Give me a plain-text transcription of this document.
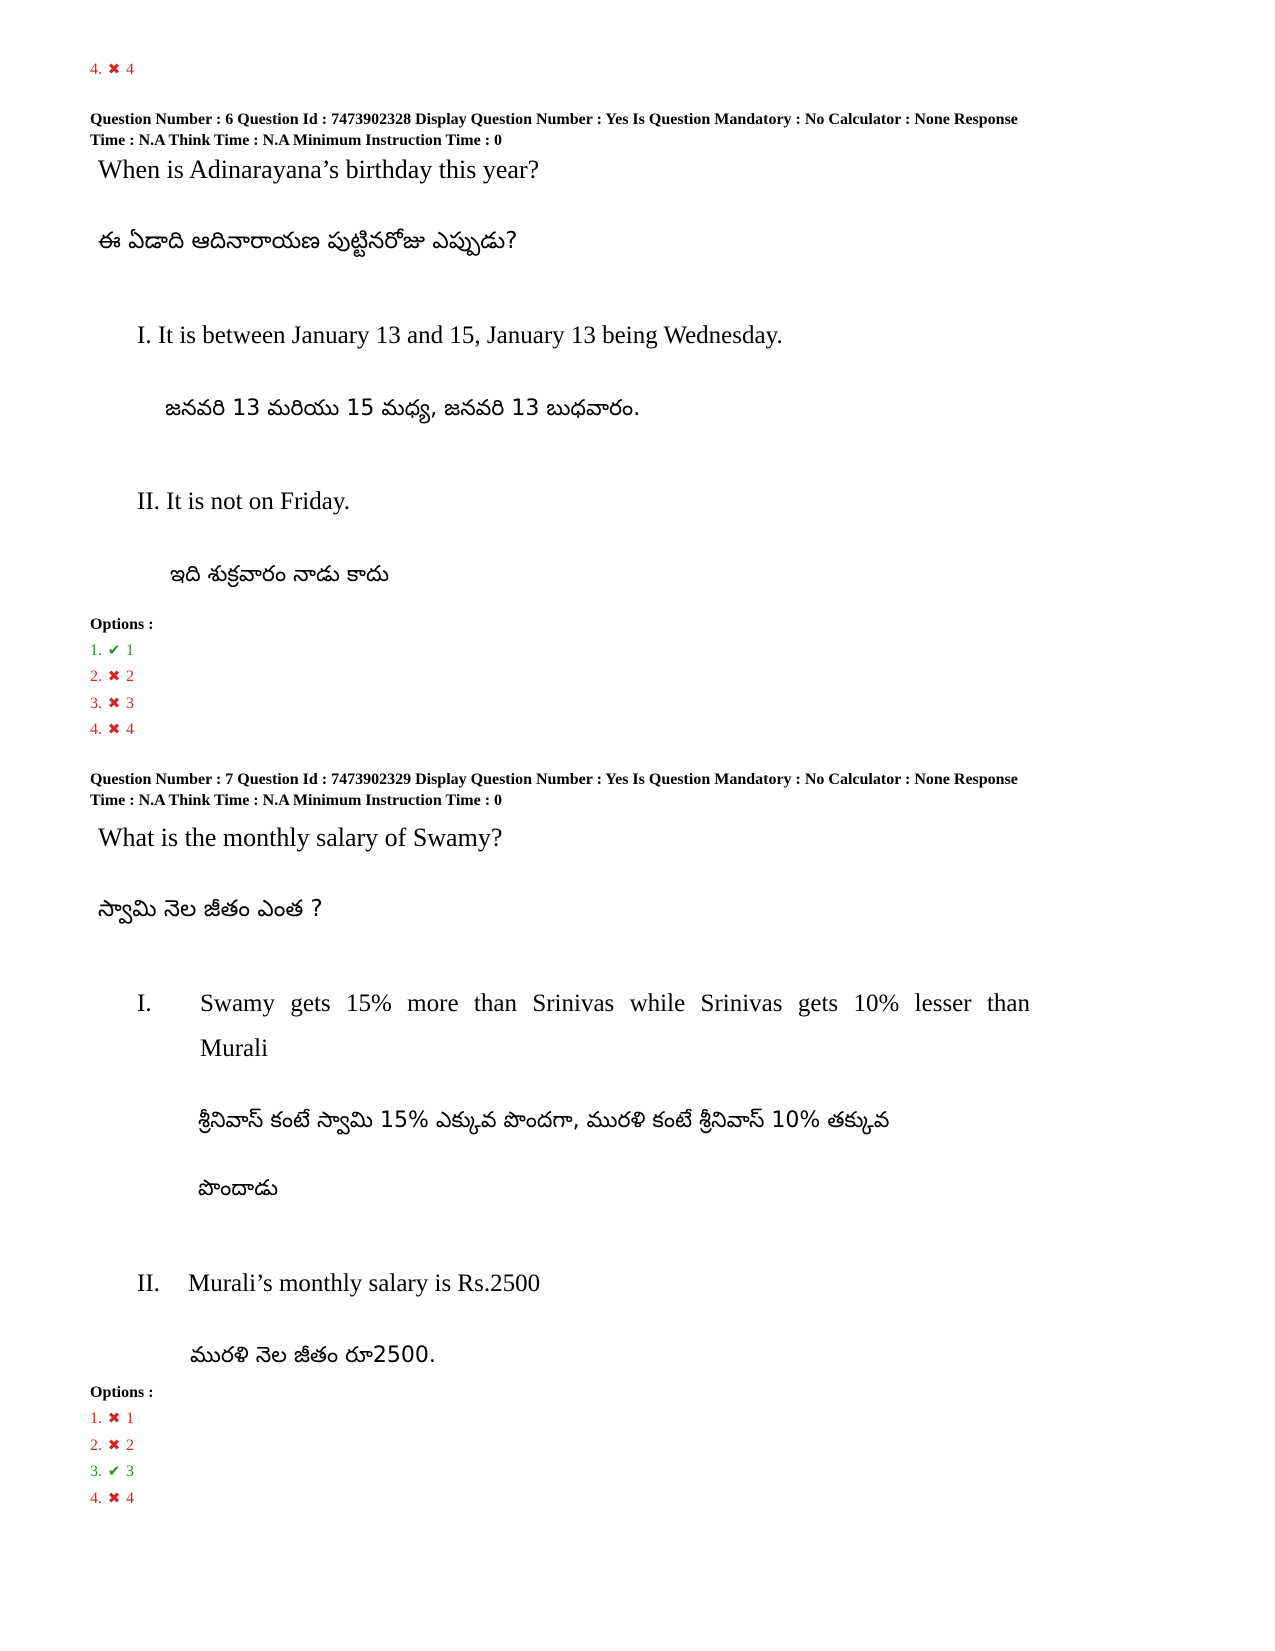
4. ✖ 4
Question Number : 6 Question Id : 7473902328 Display Question Number : Yes Is Question Mandatory : No Calculator : None Response
Time : N.A Think Time : N.A Minimum Instruction Time : 0
When is Adinarayana’s birthday this year?
ఈ ఏడాది ఆదినారాయణ పుట్టినరోజు ఎప్పుడు?
I. It is between January 13 and 15, January 13 being Wednesday.
జనవరి 13 మరియు 15 మధ్య, జనవరి 13 బుధవారం.
II. It is not on Friday.
ఇది శుక్రవారం నాడు కాదు
Options :
1. ✔ 1
2. ✖ 2
3. ✖ 3
4. ✖ 4
Question Number : 7 Question Id : 7473902329 Display Question Number : Yes Is Question Mandatory : No Calculator : None Response
Time : N.A Think Time : N.A Minimum Instruction Time : 0
What is the monthly salary of Swamy?
స్వామి నెల జీతం ఎంత ?
I. Swamy gets 15% more than Srinivas while Srinivas gets 10% lesser than
Murali
శ్రీనివాస్ కంటే స్వామి 15% ఎక్కువ పొందగా, మురళి కంటే శ్రీనివాస్ 10% తక్కువ
పొందాడు
II. Murali’s monthly salary is Rs.2500
మురళి నెల జీతం రూ2500.
Options :
1. ✖ 1
2. ✖ 2
3. ✔ 3
4. ✖ 4
